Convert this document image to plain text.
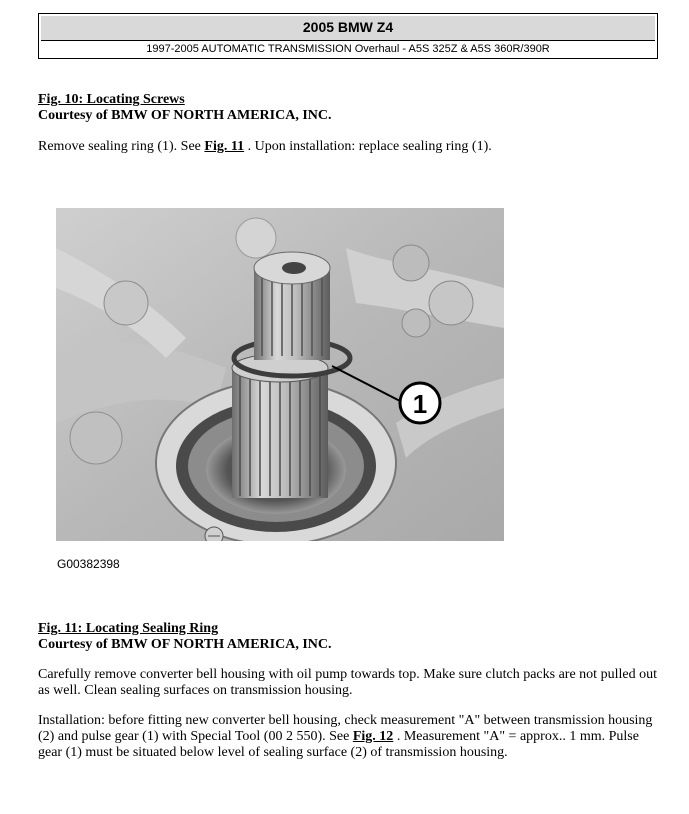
2005 BMW Z4
1997-2005 AUTOMATIC TRANSMISSION Overhaul - A5S 325Z & A5S 360R/390R
Fig. 10: Locating Screws
Courtesy of BMW OF NORTH AMERICA, INC.
Remove sealing ring (1). See Fig. 11 . Upon installation: replace sealing ring (1).
1
G00382398
Fig. 11: Locating Sealing Ring
Courtesy of BMW OF NORTH AMERICA, INC.
Carefully remove converter bell housing with oil pump towards top. Make sure clutch packs are not pulled out as well. Clean sealing surfaces on transmission housing.
Installation: before fitting new converter bell housing, check measurement "A" between transmission housing (2) and pulse gear (1) with Special Tool (00 2 550). See Fig. 12 . Measurement "A" = approx.. 1 mm. Pulse gear (1) must be situated below level of sealing surface (2) of transmission housing.
